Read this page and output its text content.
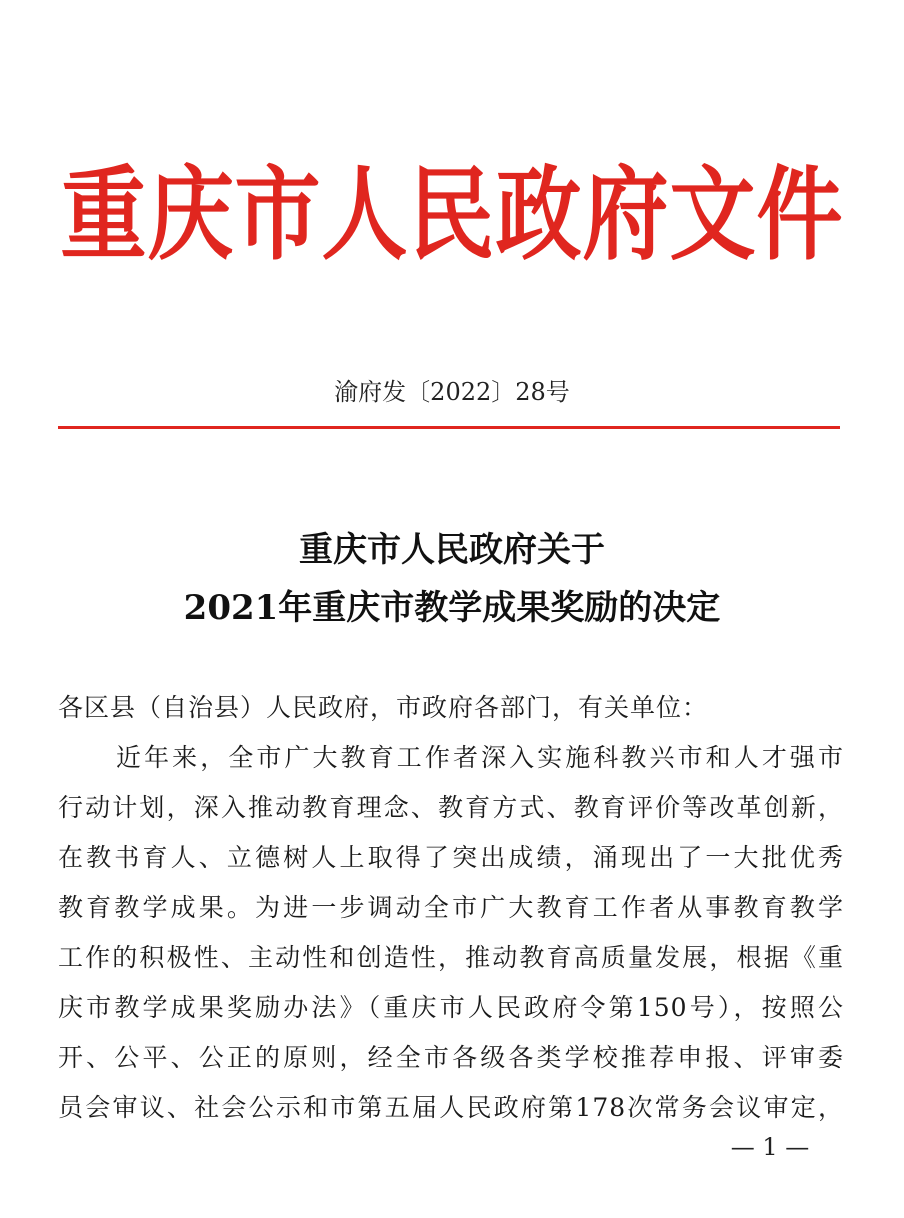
重庆市人民政府文件
渝府发〔2022〕28号
重庆市人民政府关于
2021年重庆市教学成果奖励的决定
各区县（自治县）人民政府，市政府各部门，有关单位：
近年来，全市广大教育工作者深入实施科教兴市和人才强市
行动计划，深入推动教育理念、教育方式、教育评价等改革创新，
在教书育人、立德树人上取得了突出成绩，涌现出了一大批优秀
教育教学成果。为进一步调动全市广大教育工作者从事教育教学
工作的积极性、主动性和创造性，推动教育高质量发展，根据《重
庆市教学成果奖励办法》（重庆市人民政府令第150号），按照公
开、公平、公正的原则，经全市各级各类学校推荐申报、评审委
员会审议、社会公示和市第五届人民政府第178次常务会议审定，
— 1 —
